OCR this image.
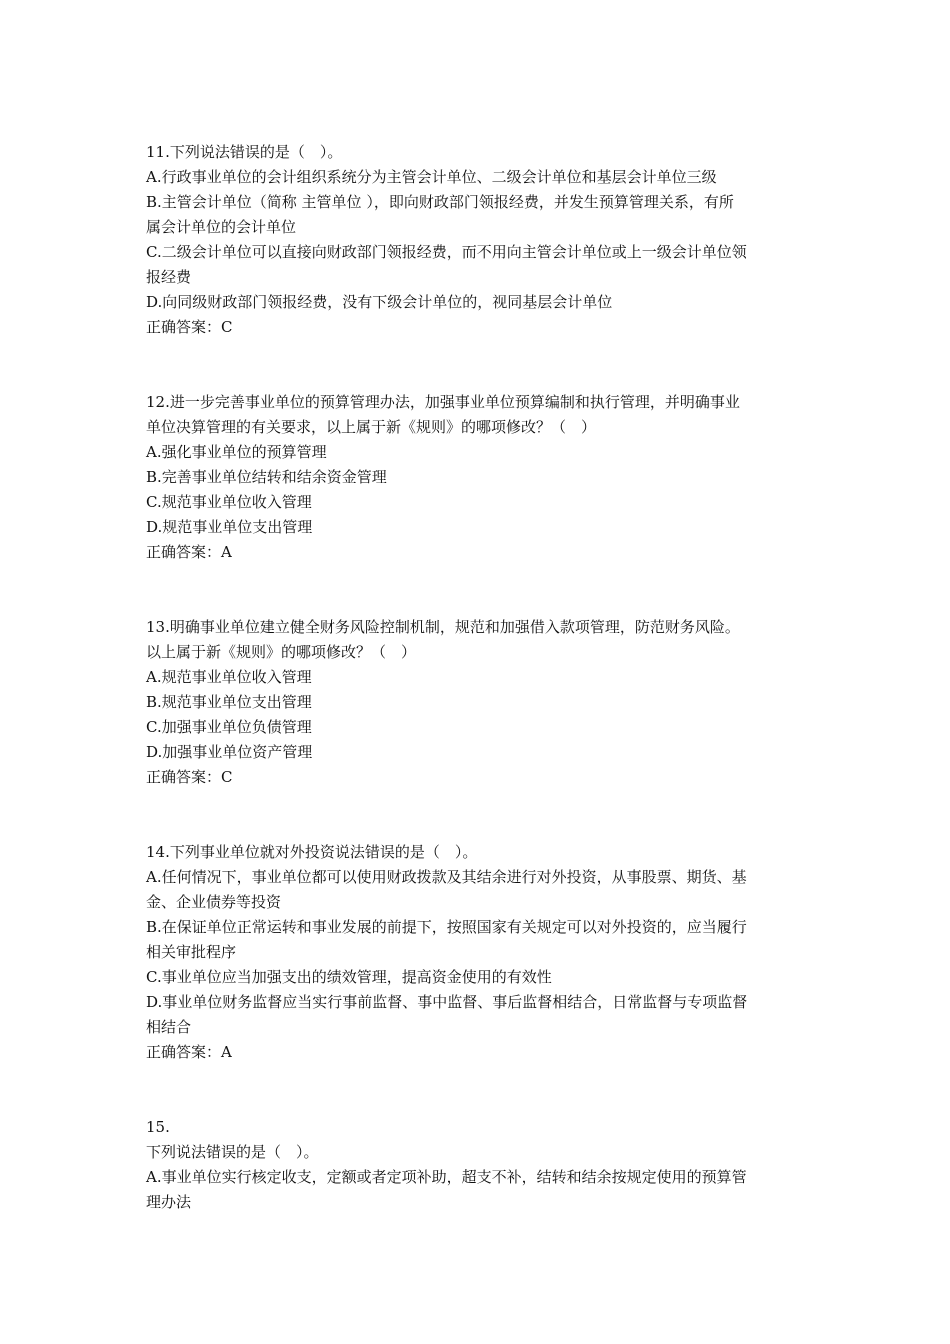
11.下列说法错误的是（　）。

A.行政事业单位的会计组织系统分为主管会计单位、二级会计单位和基层会计单位三级

B.主管会计单位（简称 主管单位 ），即向财政部门领报经费，并发生预算管理关系，有所

属会计单位的会计单位

C.二级会计单位可以直接向财政部门领报经费，而不用向主管会计单位或上一级会计单位领

报经费

D.向同级财政部门领报经费，没有下级会计单位的，视同基层会计单位

正确答案：C

12.进一步完善事业单位的预算管理办法，加强事业单位预算编制和执行管理，并明确事业

单位决算管理的有关要求，以上属于新《规则》的哪项修改？（　）

A.强化事业单位的预算管理

B.完善事业单位结转和结余资金管理

C.规范事业单位收入管理

D.规范事业单位支出管理

正确答案：A

13.明确事业单位建立健全财务风险控制机制，规范和加强借入款项管理，防范财务风险。

以上属于新《规则》的哪项修改？（　）

A.规范事业单位收入管理

B.规范事业单位支出管理

C.加强事业单位负债管理

D.加强事业单位资产管理

正确答案：C

14.下列事业单位就对外投资说法错误的是（　）。

A.任何情况下，事业单位都可以使用财政拨款及其结余进行对外投资，从事股票、期货、基

金、企业债券等投资

B.在保证单位正常运转和事业发展的前提下，按照国家有关规定可以对外投资的，应当履行

相关审批程序

C.事业单位应当加强支出的绩效管理，提高资金使用的有效性

D.事业单位财务监督应当实行事前监督、事中监督、事后监督相结合，日常监督与专项监督

相结合

正确答案：A

15.

下列说法错误的是（　）。

A.事业单位实行核定收支，定额或者定项补助，超支不补，结转和结余按规定使用的预算管

理办法
